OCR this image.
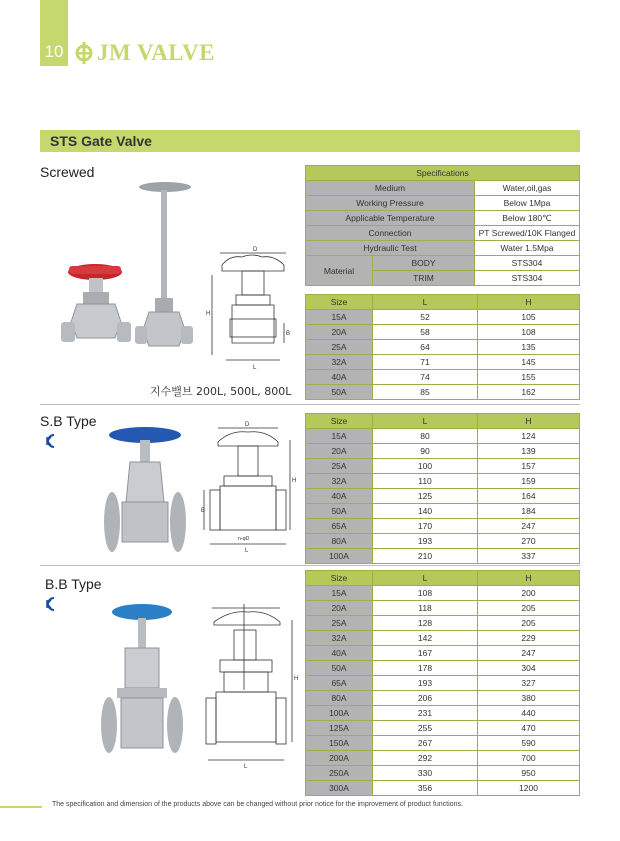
10 JM VALVE
STS Gate Valve
Screwed
D
H
L
B
지수밸브 200L, 500L, 800L
Specifications		
Medium		Water,oil,gas
Working Pressure		Below 1Mpa
Applicable Temperature		Below 180℃
Connection		PT Screwed/10K Flanged
Hydraulic Test		Water 1.5Mpa
Material	BODY	STS304
	TRIM	STS304
Size	L	H
15A	52	105
20A	58	108
25A	64	135
32A	71	145
40A	74	155
50A	85	162
S.B Type	D
H
B
n-φD
L
Size	L	H
15A	80	124
20A	90	139
25A	100	157
32A	110	159
40A	125	164
50A	140	184
65A	170	247
80A	193	270
100A	210	337
B.B Type
H
L
Size	L	H
15A	108	200
20A	118	205
25A	128	205
32A	142	229
40A	167	247
50A	178	304
65A	193	327
80A	206	380
100A	231	440
125A	255	470
150A	267	590
200A	292	700
250A	330	950
300A	356	1200
The specification and dimension of the products above can be changed without prior notice for the improvement of product functions.
